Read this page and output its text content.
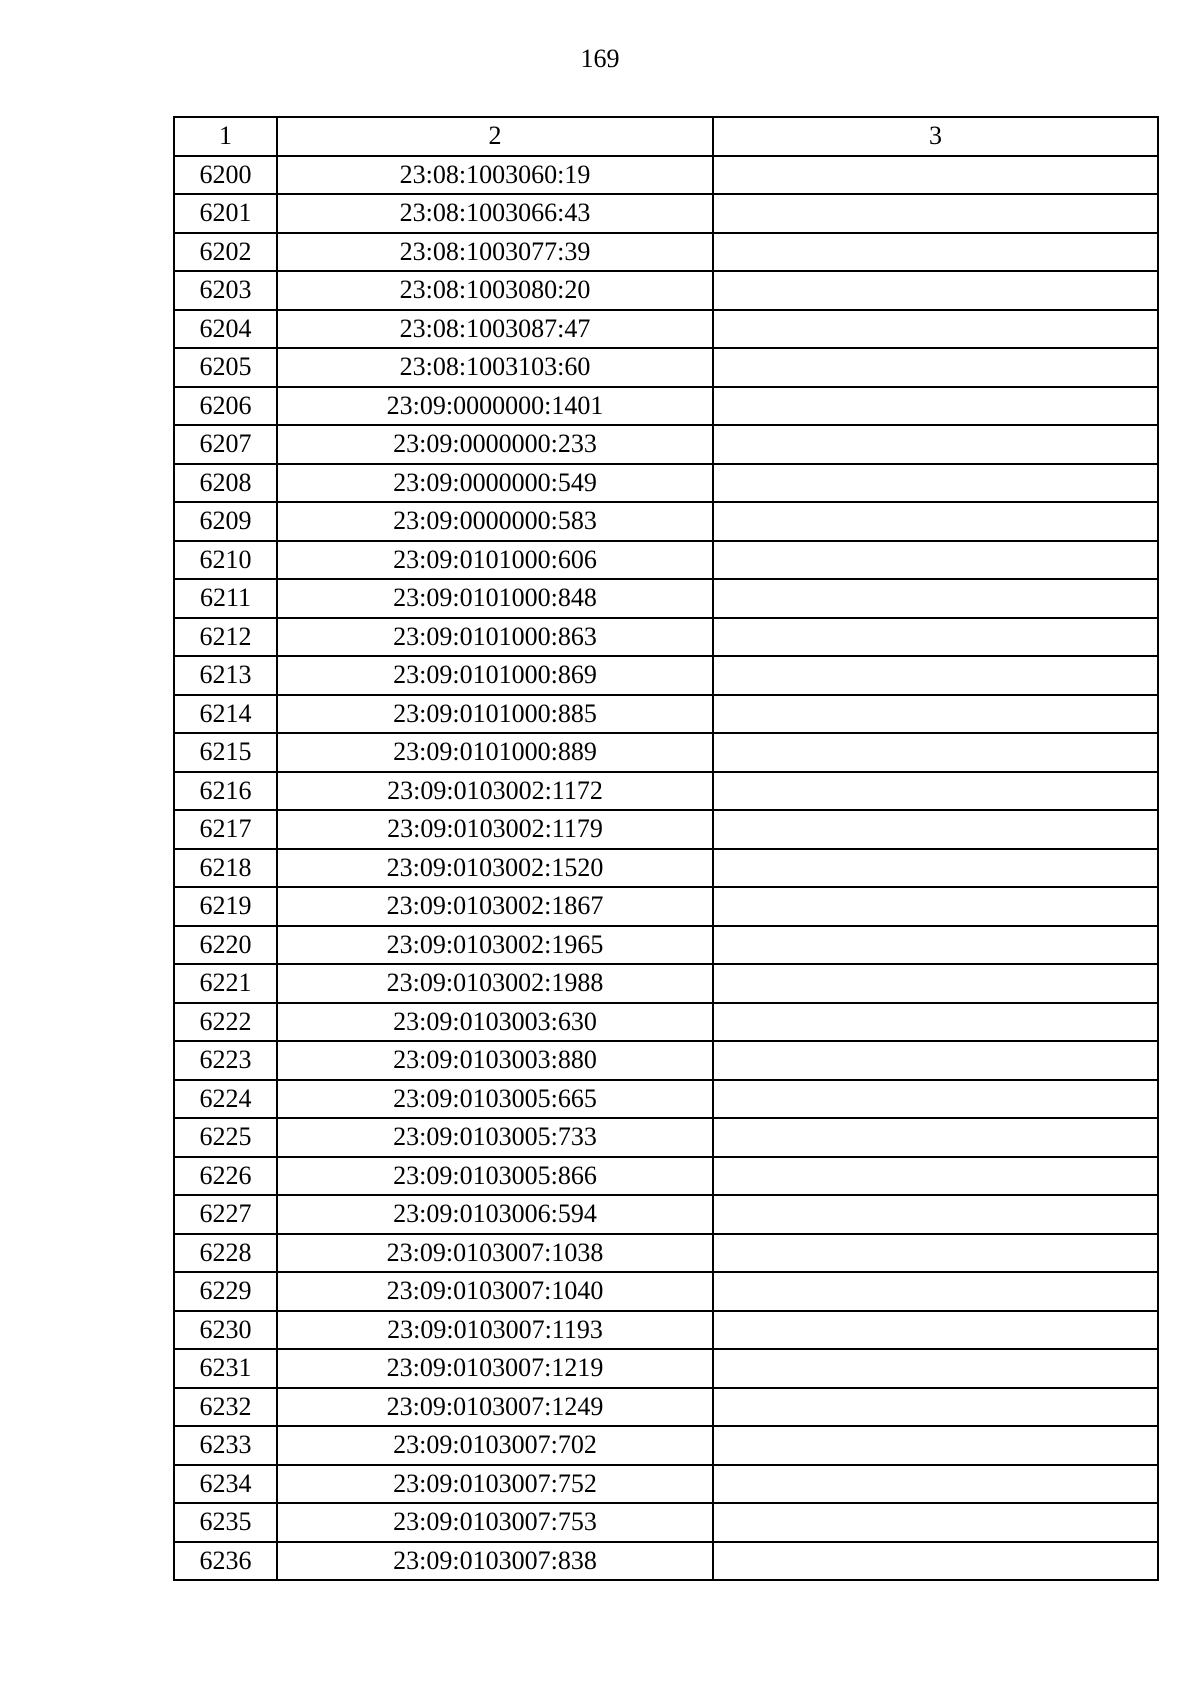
169
1	2	3
6200	23:08:1003060:19	
6201	23:08:1003066:43	
6202	23:08:1003077:39	
6203	23:08:1003080:20	
6204	23:08:1003087:47	
6205	23:08:1003103:60	
6206	23:09:0000000:1401	
6207	23:09:0000000:233	
6208	23:09:0000000:549	
6209	23:09:0000000:583	
6210	23:09:0101000:606	
6211	23:09:0101000:848	
6212	23:09:0101000:863	
6213	23:09:0101000:869	
6214	23:09:0101000:885	
6215	23:09:0101000:889	
6216	23:09:0103002:1172	
6217	23:09:0103002:1179	
6218	23:09:0103002:1520	
6219	23:09:0103002:1867	
6220	23:09:0103002:1965	
6221	23:09:0103002:1988	
6222	23:09:0103003:630	
6223	23:09:0103003:880	
6224	23:09:0103005:665	
6225	23:09:0103005:733	
6226	23:09:0103005:866	
6227	23:09:0103006:594	
6228	23:09:0103007:1038	
6229	23:09:0103007:1040	
6230	23:09:0103007:1193	
6231	23:09:0103007:1219	
6232	23:09:0103007:1249	
6233	23:09:0103007:702	
6234	23:09:0103007:752	
6235	23:09:0103007:753	
6236	23:09:0103007:838	
